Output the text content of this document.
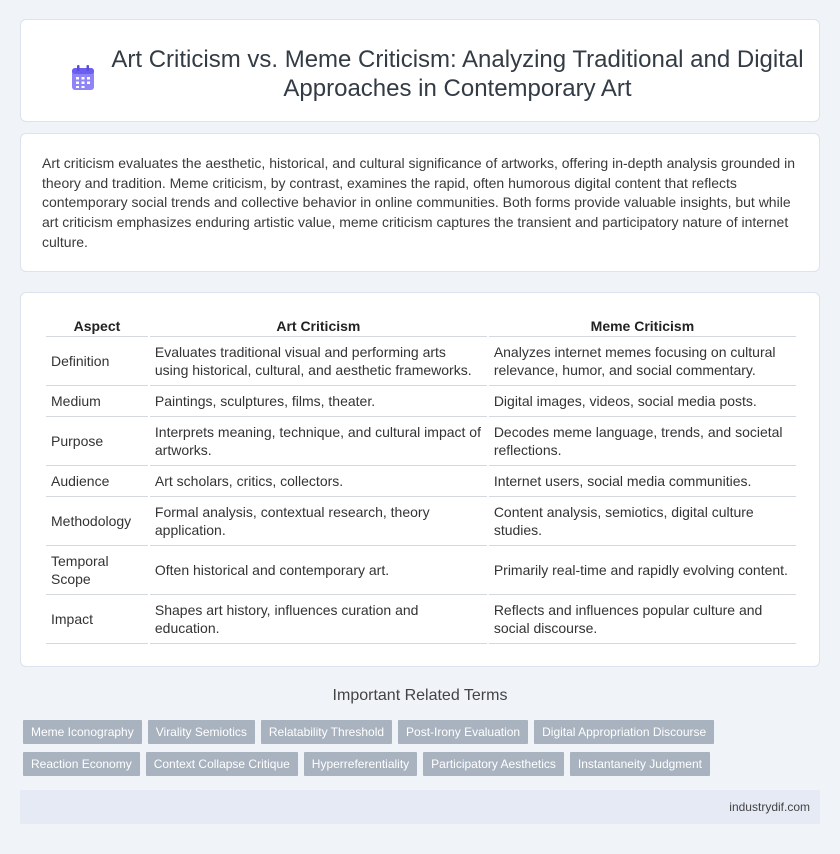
Art Criticism vs. Meme Criticism: Analyzing Traditional and Digital Approaches in Contemporary Art

Art criticism evaluates the aesthetic, historical, and cultural significance of artworks, offering in-depth analysis grounded in theory and tradition. Meme criticism, by contrast, examines the rapid, often humorous digital content that reflects contemporary social trends and collective behavior in online communities. Both forms provide valuable insights, but while art criticism emphasizes enduring artistic value, meme criticism captures the transient and participatory nature of internet culture.

Aspect	Art Criticism	Meme Criticism
Definition	Evaluates traditional visual and performing arts using historical, cultural, and aesthetic frameworks.	Analyzes internet memes focusing on cultural relevance, humor, and social commentary.
Medium	Paintings, sculptures, films, theater.	Digital images, videos, social media posts.
Purpose	Interprets meaning, technique, and cultural impact of artworks.	Decodes meme language, trends, and societal reflections.
Audience	Art scholars, critics, collectors.	Internet users, social media communities.
Methodology	Formal analysis, contextual research, theory application.	Content analysis, semiotics, digital culture studies.
Temporal Scope	Often historical and contemporary art.	Primarily real-time and rapidly evolving content.
Impact	Shapes art history, influences curation and education.	Reflects and influences popular culture and social discourse.
Important Related Terms
Meme Iconography	Virality Semiotics	Relatability Threshold	Post-Irony Evaluation	Digital Appropriation Discourse
Reaction Economy	Context Collapse Critique	Hyperreferentiality	Participatory Aesthetics	Instantaneity Judgment
industrydif.com
